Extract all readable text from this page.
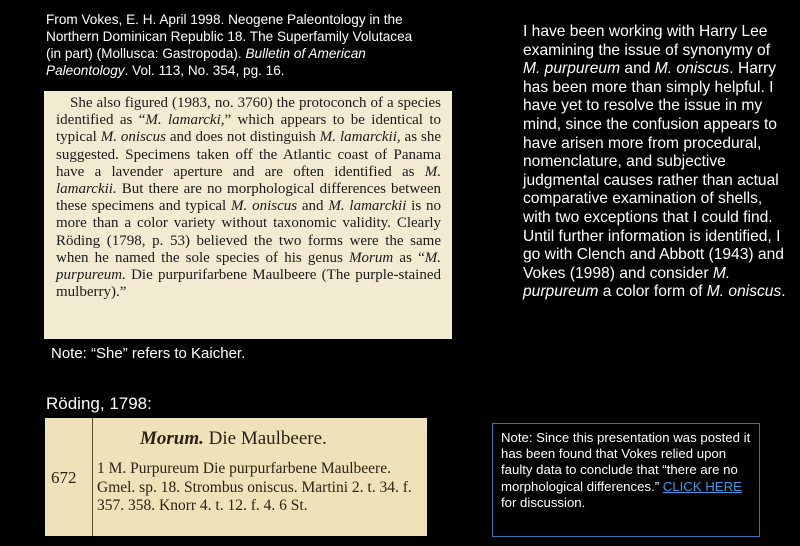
From Vokes, E. H. April 1998. Neogene Paleontology in the Northern Dominican Republic 18. The Superfamily Volutacea (in part) (Mollusca: Gastropoda). Bulletin of American Paleontology. Vol. 113, No. 354, pg. 16.

She also figured (1983, no. 3760) the protoconch of a species identified as “M. lamarcki,” which appears to be identical to typical M. oniscus and does not distinguish M. lamarckii, as she suggested. Specimens taken off the Atlantic coast of Panama have a lavender aperture and are often identified as M. lamarckii. But there are no morphological differences between these specimens and typical M. oniscus and M. lamarckii is no more than a color variety without taxonomic validity. Clearly Röding (1798, p. 53) believed the two forms were the same when he named the sole species of his genus Morum as “M. purpureum. Die purpurifarbene Maulbeere (The purple-stained mulberry).”

Note: “She” refers to Kaicher.
Röding, 1798:
Morum. Die Maulbeere.
672 1 M. Purpureum Die purpurfarbene Maulbeere. Gmel. sp. 18. Strombus oniscus. Martini 2. t. 34. f. 357. 358. Knorr 4. t. 12. f. 4. 6 St.
I have been working with Harry Lee examining the issue of synonymy of M. purpureum and M. oniscus. Harry has been more than simply helpful. I have yet to resolve the issue in my mind, since the confusion appears to have arisen more from procedural, nomenclature, and subjective judgmental causes rather than actual comparative examination of shells, with two exceptions that I could find. Until further information is identified, I go with Clench and Abbott (1943) and Vokes (1998) and consider M. purpureum a color form of M. oniscus.
Note: Since this presentation was posted it has been found that Vokes relied upon faulty data to conclude that “there are no morphological differences.” CLICK HERE for discussion.
